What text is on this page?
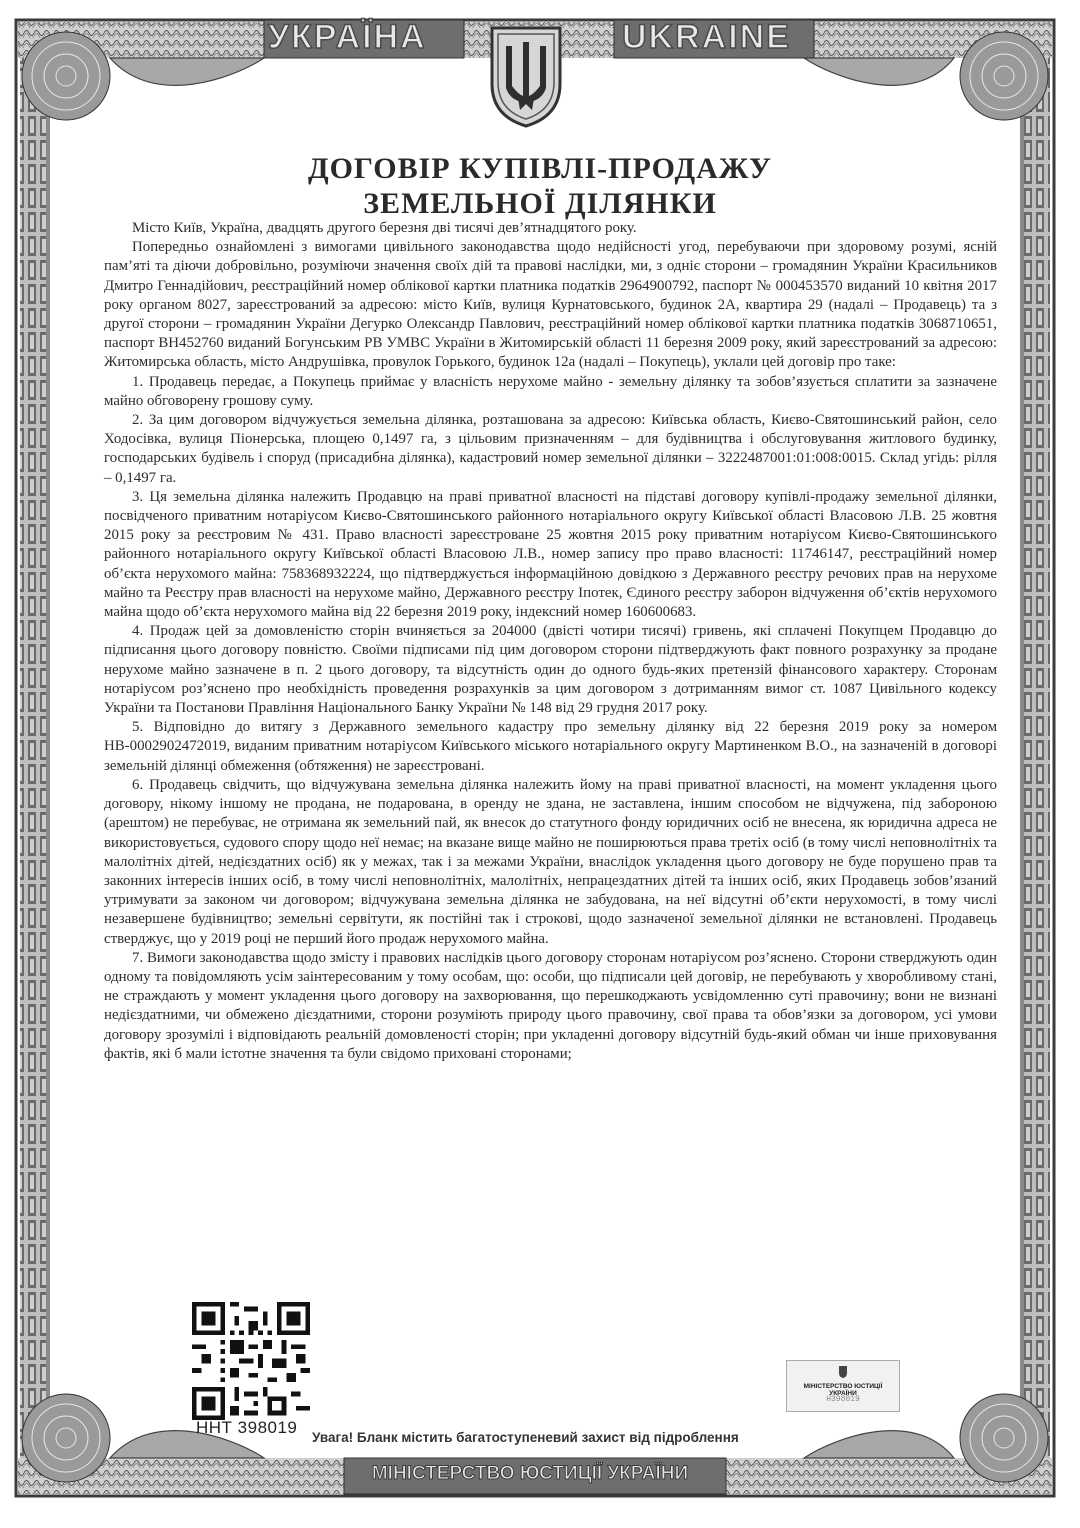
УКРАЇНА	UKRAINE
ДОГОВІР КУПІВЛІ-ПРОДАЖУ
ЗЕМЕЛЬНОЇ ДІЛЯНКИ

Місто Київ, Україна, двадцять другого березня дві тисячі дев’ятнадцятого року.

Попередньо ознайомлені з вимогами цивільного законодавства щодо недійсності угод, перебуваючи при здоровому розумі, ясній пам’яті та діючи добровільно, розуміючи значення своїх дій та правові наслідки, ми, з одніє сторони – громадянин України Красильников Дмитро Геннадійович, реєстраційний номер облікової картки платника податків 2964900792, паспорт № 000453570 виданий 10 квітня 2017 року органом 8027, зареєстрований за адресою: місто Київ, вулиця Курнатовського, будинок 2А, квартира 29 (надалі – Продавець) та з другої сторони – громадянин України Дегурко Олександр Павлович, реєстраційний номер облікової картки платника податків 3068710651, паспорт ВН452760 виданий Богунським РВ УМВС України в Житомирській області 11 березня 2009 року, який зареєстрований за адресою: Житомирська область, місто Андрушівка, провулок Горького, будинок 12а (надалі – Покупець), уклали цей договір про таке:

1. Продавець передає, а Покупець приймає у власність нерухоме майно - земельну ділянку та зобов’язується сплатити за зазначене майно обговорену грошову суму.

2. За цим договором відчужується земельна ділянка, розташована за адресою: Київська область, Києво-Святошинський район, село Ходосівка, вулиця Піонерська, площею 0,1497 га, з цільовим призначенням – для будівництва і обслуговування житлового будинку, господарських будівель і споруд (присадибна ділянка), кадастровий номер земельної ділянки – 3222487001:01:008:0015. Склад угідь: рілля – 0,1497 га.

3. Ця земельна ділянка належить Продавцю на праві приватної власності на підставі договору купівлі-продажу земельної ділянки, посвідченого приватним нотаріусом Києво-Святошинського районного нотаріального округу Київської області Власовою Л.В. 25 жовтня 2015 року за реєстровим № 431. Право власності зареєстроване 25 жовтня 2015 року приватним нотаріусом Києво-Святошинського районного нотаріального округу Київської області Власовою Л.В., номер запису про право власності: 11746147, реєстраційний номер об’єкта нерухомого майна: 758368932224, що підтверджується інформаційною довідкою з Державного реєстру речових прав на нерухоме майно та Реєстру прав власності на нерухоме майно, Державного реєстру Іпотек, Єдиного реєстру заборон відчуження об’єктів нерухомого майна щодо об’єкта нерухомого майна від 22 березня 2019 року, індексний номер 160600683.

4. Продаж цей за домовленістю сторін вчиняється за 204000 (двісті чотири тисячі) гривень, які сплачені Покупцем Продавцю до підписання цього договору повністю. Своїми підписами під цим договором сторони підтверджують факт повного розрахунку за продане нерухоме майно зазначене в п. 2 цього договору, та відсутність один до одного будь-яких претензій фінансового характеру. Сторонам нотаріусом роз’яснено про необхідність проведення розрахунків за цим договором з дотриманням вимог ст. 1087 Цивільного кодексу України та Постанови Правління Національного Банку України № 148 від 29 грудня 2017 року.

5. Відповідно до витягу з Державного земельного кадастру про земельну ділянку від 22 березня 2019 року за номером НВ-0002902472019, виданим приватним нотаріусом Київського міського нотаріального округу Мартиненком В.О., на зазначеній в договорі земельній ділянці обмеження (обтяження) не зареєстровані.

6. Продавець свідчить, що відчужувана земельна ділянка належить йому на праві приватної власності, на момент укладення цього договору, нікому іншому не продана, не подарована, в оренду не здана, не заставлена, іншим способом не відчужена, під забороною (арештом) не перебуває, не отримана як земельний пай, як внесок до статутного фонду юридичних осіб не внесена, як юридична адреса не використовується, судового спору щодо неї немає; на вказане вище майно не поширюються права третіх осіб (в тому числі неповнолітніх та малолітніх дітей, недієздатних осіб) як у межах, так і за межами України, внаслідок укладення цього договору не буде порушено прав та законних інтересів інших осіб, в тому числі неповнолітніх, малолітніх, непрацездатних дітей та інших осіб, яких Продавець зобов’язаний утримувати за законом чи договором; відчужувана земельна ділянка не забудована, на неї відсутні об’єкти нерухомості, в тому числі незавершене будівництво; земельні сервітути, як постійні так і строкові, щодо зазначеної земельної ділянки не встановлені. Продавець стверджує, що у 2019 році не перший його продаж нерухомого майна.

7. Вимоги законодавства щодо змісту і правових наслідків цього договору сторонам нотаріусом роз’яснено. Сторони стверджують один одному та повідомляють усім заінтересованим у тому особам, що: особи, що підписали цей договір, не перебувають у хворобливому стані, не страждають у момент укладення цього договору на захворювання, що перешкоджають усвідомленню суті правочину; вони не визнані недієздатними, чи обмежено дієздатними, сторони розуміють природу цього правочину, свої права та обов’язки за договором, усі умови договору зрозумілі і відповідають реальній домовленості сторін; при укладенні договору відсутній будь-який обман чи інше приховування фактів, які б мали істотне значення та були свідомо приховані сторонами;

ННТ 398019
МІНІСТЕРСТВО ЮСТИЦІЇ УКРАЇНИ
Н398019
Увага! Бланк містить багатоступеневий захист від підроблення
МІНІСТЕРСТВО ЮСТИЦІЇ УКРАЇНИ
